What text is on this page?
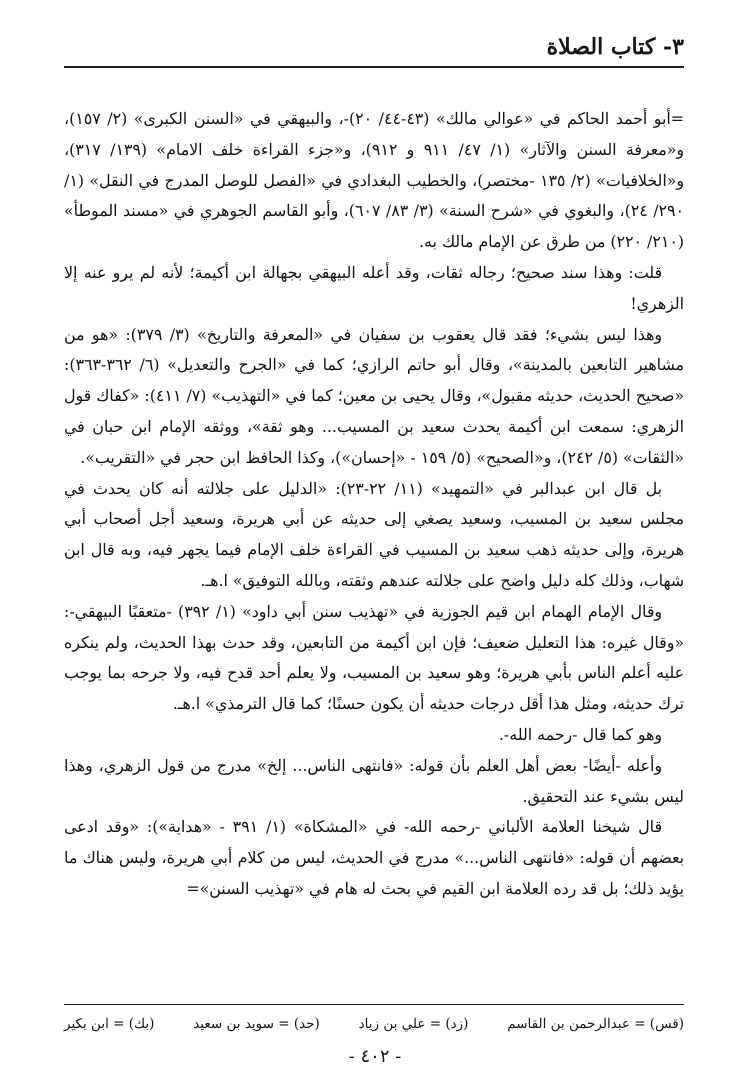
٣- كتاب الصلاة

=أبو أحمد الحاكم في «عوالي مالك» (٤٣-٤٤/ ٢٠)-، والبيهقي في «السنن الكبرى» (٢/ ١٥٧)، و«معرفة السنن والآثار» (١/ ٤٧/ ٩١١ و ٩١٢)، و«جزء القراءة خلف الامام» (١٣٩/ ٣١٧)، و«الخلافيات» (٢/ ١٣٥ -مختصر)، والخطيب البغدادي في «الفصل للوصل المدرج في النقل» (١/ ٢٩٠/ ٢٤)، والبغوي في «شرح السنة» (٣/ ٨٣/ ٦٠٧)، وأبو القاسم الجوهري في «مسند الموطأ» (٢١٠/ ٢٢٠) من طرق عن الإمام مالك به.

قلت: وهذا سند صحيح؛ رجاله ثقات، وقد أعله البيهقي بجهالة ابن أكيمة؛ لأنه لم يرو عنه إلا الزهري!

وهذا ليس بشيء؛ فقد قال يعقوب بن سفيان في «المعرفة والتاريخ» (٣/ ٣٧٩): «هو من مشاهير التابعين بالمدينة»، وقال أبو حاتم الرازي؛ كما في «الجرح والتعديل» (٦/ ٣٦٢-٣٦٣): «صحيح الحديث، حديثه مقبول»، وقال يحيى بن معين؛ كما في «التهذيب» (٧/ ٤١١): «كفاك قول الزهري: سمعت ابن أكيمة يحدث سعيد بن المسيب... وهو ثقة»، ووثقه الإمام ابن حبان في «الثقات» (٥/ ٢٤٢)، و«الصحيح» (٥/ ١٥٩ - «إحسان»)، وكذا الحافظ ابن حجر في «التقريب».

بل قال ابن عبدالبر في «التمهيد» (١١/ ٢٢-٢٣): «الدليل على جلالته أنه كان يحدث في مجلس سعيد بن المسيب، وسعيد يصغي إلى حديثه عن أبي هريرة، وسعيد أجل أصحاب أبي هريرة، وإلى حديثه ذهب سعيد بن المسيب في القراءة خلف الإمام فيما يجهر فيه، وبه قال ابن شهاب، وذلك كله دليل واضح على جلالته عندهم وثقته، وبالله التوفيق» ا.هـ.

وقال الإمام الهمام ابن قيم الجوزية في «تهذيب سنن أبي داود» (١/ ٣٩٢) -متعقبًا البيهقي-: «وقال غيره: هذا التعليل ضعيف؛ فإن ابن أكيمة من التابعين، وقد حدث بهذا الحديث، ولم ينكره عليه أعلم الناس بأبي هريرة؛ وهو سعيد بن المسيب، ولا يعلم أحد قدح فيه، ولا جرحه بما يوجب ترك حديثه، ومثل هذا أقل درجات حديثه أن يكون حسنًا؛ كما قال الترمذي» ا.هـ.

وهو كما قال -رحمه الله-.

وأعله -أيضًا- بعض أهل العلم بأن قوله: «فانتهى الناس... إلخ» مدرج من قول الزهري، وهذا ليس بشيء عند التحقيق.

قال شيخنا العلامة الألباني -رحمه الله- في «المشكاة» (١/ ٣٩١ - «هداية»): «وقد ادعى بعضهم أن قوله: «فانتهى الناس...» مدرج في الحديث، ليس من كلام أبي هريرة، وليس هناك ما يؤيد ذلك؛ بل قد رده العلامة ابن القيم في بحث له هام في «تهذيب السنن»=

(قس) = عبدالرحمن بن القاسم
(زد) = علي بن زياد
(حد) = سويد بن سعيد
(بك) = ابن بكير
- ٤٠٢ -
